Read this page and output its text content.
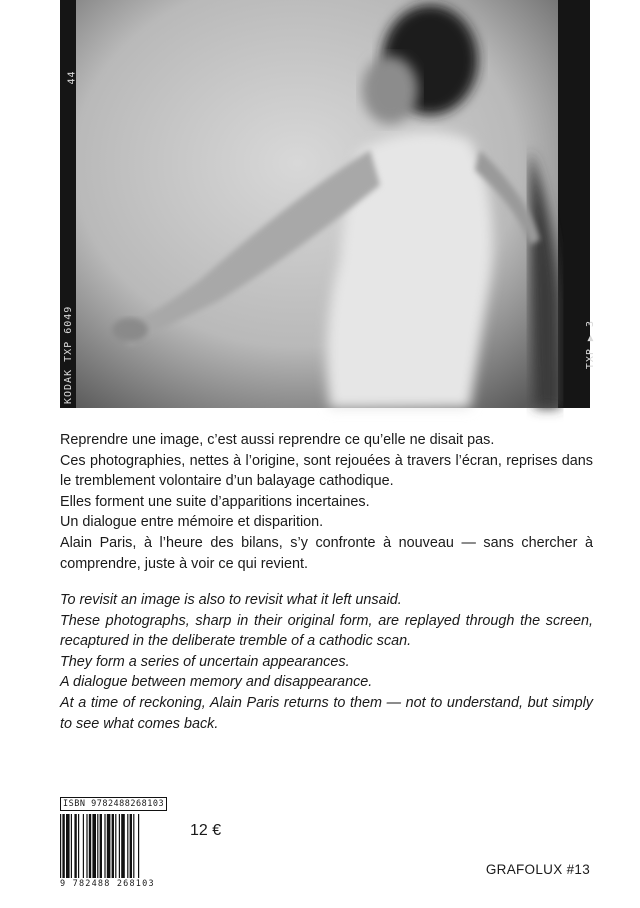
KODAK TXP 6049
44
TXP ▶ 3

Reprendre une image, c’est aussi reprendre ce qu’elle ne disait pas.

Ces photographies, nettes à l’origine, sont rejouées à travers l’écran, reprises dans le tremblement volontaire d’un balayage cathodique.

Elles forment une suite d’apparitions incertaines.

Un dialogue entre mémoire et disparition.

Alain Paris, à l’heure des bilans, s’y confronte à nouveau — sans chercher à comprendre, juste à voir ce qui revient.

To revisit an image is also to revisit what it left unsaid.

These photographs, sharp in their original form, are replayed through the screen, recaptured in the deliberate tremble of a cathodic scan.

They form a series of uncertain appearances.

A dialogue between memory and disappearance.

At a time of reckoning, Alain Paris returns to them — not to understand, but simply to see what comes back.

ISBN 9782488268103
9 782488 268103
12 €
GRAFOLUX #13
